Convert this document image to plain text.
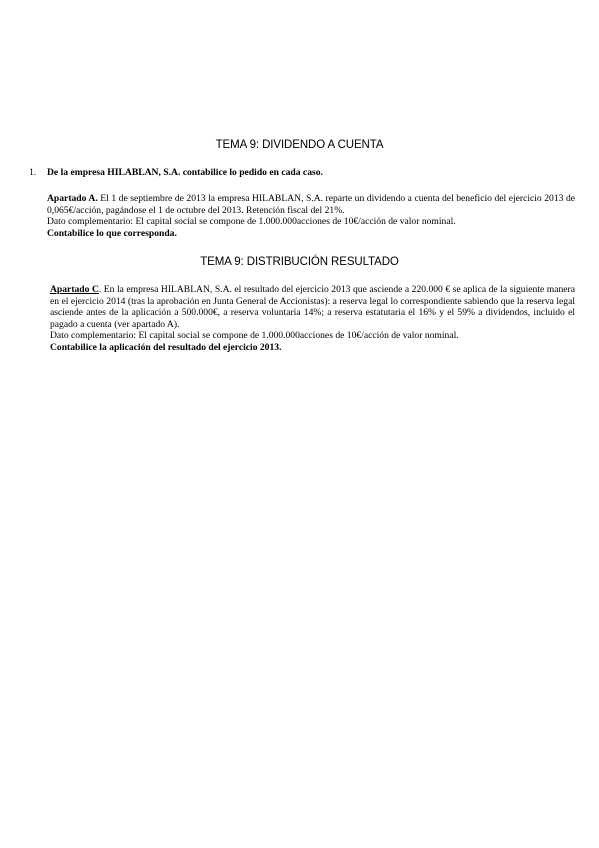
TEMA 9: DIVIDENDO A CUENTA
1. De la empresa HILABLAN, S.A. contabilice lo pedido en cada caso.

Apartado A. El 1 de septiembre de 2013 la empresa HILABLAN, S.A. reparte un dividendo a cuenta del beneficio del ejercicio 2013 de 0,065€/acción, pagándose el 1 de octubre del 2013. Retención fiscal del 21%.

Dato complementario: El capital social se compone de 1.000.000acciones de 10€/acción de valor nominal.

Contabilice lo que corresponda.

TEMA 9: DISTRIBUCIÓN RESULTADO

Apartado C. En la empresa HILABLAN, S.A. el resultado del ejercicio 2013 que asciende a 220.000 € se aplica de la siguiente manera en el ejercicio 2014 (tras la aprobación en Junta General de Accionistas): a reserva legal lo correspondiente sabiendo que la reserva legal asciende antes de la aplicación a 500.000€, a reserva voluntaria 14%; a reserva estatutaria el 16% y el 59% a dividendos, incluido el pagado a cuenta (ver apartado A).

Dato complementario: El capital social se compone de 1.000.000acciones de 10€/acción de valor nominal.

Contabilice la aplicación del resultado del ejercicio 2013.
